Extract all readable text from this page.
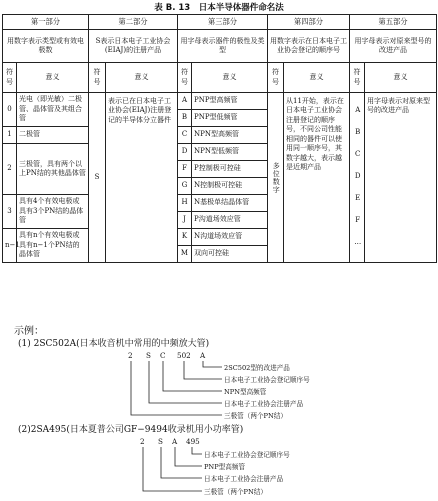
表 B. 13　日本半导体器件命名法
第一部分		第二部分		第三部分		第四部分		第五部分	
用数字表示类型或有效电极数		S表示日本电子工业协会(EIAJ)的注册产品		用字母表示器件的极性及类型		用数字表示在日本电子工业协会登记的顺序号		用字母表示对原来型号的改进产品	
符号	意义	符号	意义	符号	意义	符号	意义	符号	意义
0	光电（即光敏）二极管、晶体管及其组合管	S	表示已在日本电子工业协会(EIAJ)注册登记的半导体分立器件	A	PNP型高频管	多位数字	从11开始，表示在日本电子工业协会注册登记的顺序号，不同公司性能相同的器件可以使用同一顺序号，其数字越大，表示越是近期产品	A B C D E F …	用字母表示对原来型号的改进产品
				B	PNP型低频管				
1	二极管			C	NPN型高频管				
2	三极管，具有两个以上PN结的其他晶体管			D	NPN型低频管				
				F	P控制极可控硅				
				G	N控制极可控硅				
3	具有4个有效电极或具有3个PN结的晶体管			H	N基极单结晶体管				
				J	P沟道场效应管				
n−1	具有n个有效电极或具有n−1个PN结的晶体管			K	N沟道场效应管				
				M	双向可控硅				
示例：
(1) 2SC502A(日本收音机中常用的中频放大管)
2 S C 502 A
2SC502型的改进产品
日本电子工业协会登记顺序号
NPN型高频管
日本电子工业协会注册产品
三极管（两个PN结）
(2)2SA495(日本夏普公司GF−9494收录机用小功率管)
2 S A 495
日本电子工业协会登记顺序号
PNP型高频管
日本电子工业协会注册产品
三极管（两个PN结）
